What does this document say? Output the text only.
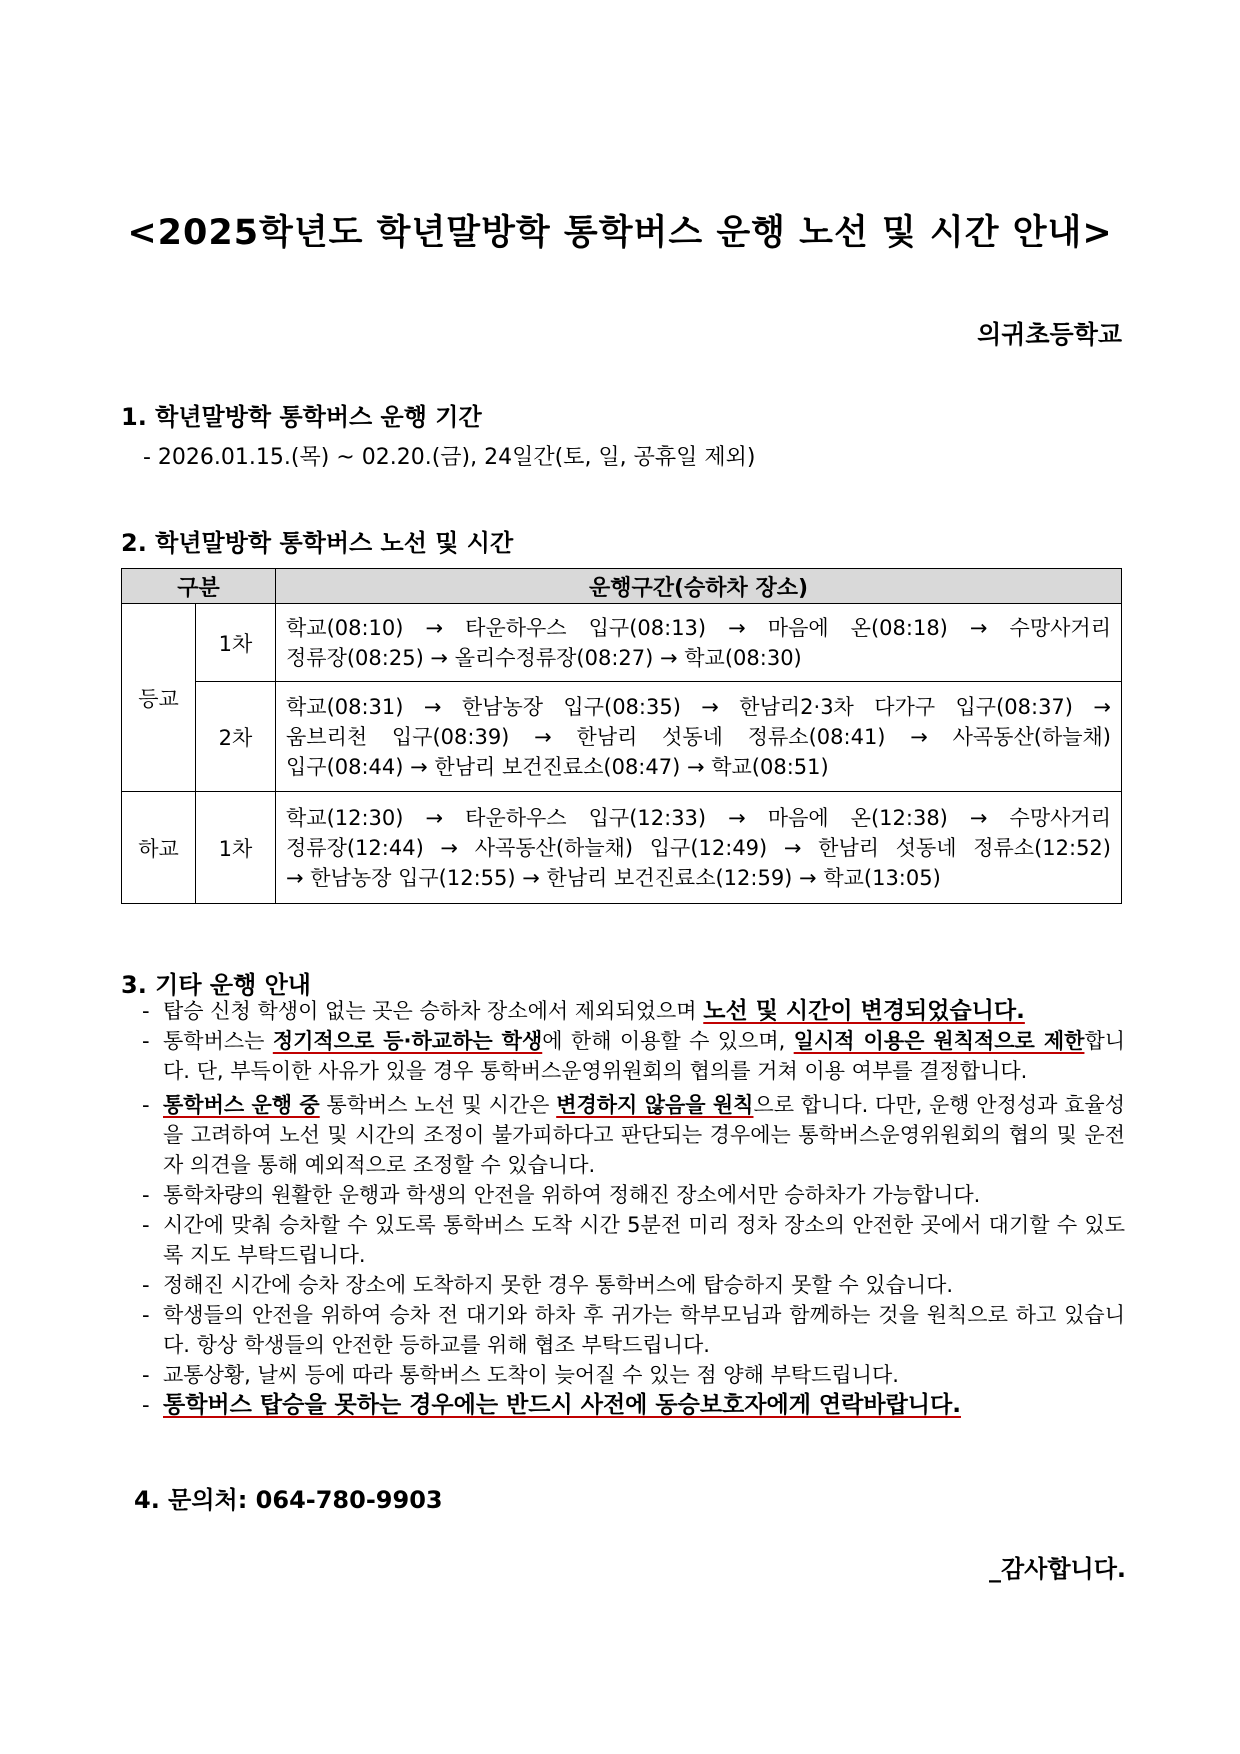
<2025학년도 학년말방학 통학버스 운행 노선 및 시간 안내>
의귀초등학교
1. 학년말방학 통학버스 운행 기간
- 2026.01.15.(목) ~ 02.20.(금), 24일간(토, 일, 공휴일 제외)
2. 학년말방학 통학버스 노선 및 시간
구분		운행구간(승하차 장소)
등교	1차	학교(08:10) → 타운하우스 입구(08:13) → 마음에 온(08:18) → 수망사거리
정류장(08:25) → 올리수정류장(08:27) → 학교(08:30)

	2차	학교(08:31) → 한남농장 입구(08:35) → 한남리2·3차 다가구 입구(08:37) →
움브리천 입구(08:39) → 한남리 섯동네 정류소(08:41) → 사곡동산(하늘채)
입구(08:44) → 한남리 보건진료소(08:47) → 학교(08:51)

하교	1차	학교(12:30) → 타운하우스 입구(12:33) → 마음에 온(12:38) → 수망사거리
정류장(12:44) → 사곡동산(하늘채) 입구(12:49) → 한남리 섯동네 정류소(12:52)
→ 한남농장 입구(12:55) → 한남리 보건진료소(12:59) → 학교(13:05)
3. 기타 운행 안내
- 탑승 신청 학생이 없는 곳은 승하차 장소에서 제외되었으며 노선 및 시간이 변경되었습니다.
- 통학버스는 정기적으로 등·하교하는 학생에 한해 이용할 수 있으며, 일시적 이용은 원칙적으로 제한합니다. 단, 부득이한 사유가 있을 경우 통학버스운영위원회의 협의를 거쳐 이용 여부를 결정합니다.
- 통학버스 운행 중 통학버스 노선 및 시간은 변경하지 않음을 원칙으로 합니다. 다만, 운행 안정성과 효율성을 고려하여 노선 및 시간의 조정이 불가피하다고 판단되는 경우에는 통학버스운영위원회의 협의 및 운전자 의견을 통해 예외적으로 조정할 수 있습니다.
- 통학차량의 원활한 운행과 학생의 안전을 위하여 정해진 장소에서만 승하차가 가능합니다.
- 시간에 맞춰 승차할 수 있도록 통학버스 도착 시간 5분전 미리 정차 장소의 안전한 곳에서 대기할 수 있도록 지도 부탁드립니다.
- 정해진 시간에 승차 장소에 도착하지 못한 경우 통학버스에 탑승하지 못할 수 있습니다.
- 학생들의 안전을 위하여 승차 전 대기와 하차 후 귀가는 학부모님과 함께하는 것을 원칙으로 하고 있습니다. 항상 학생들의 안전한 등하교를 위해 협조 부탁드립니다.
- 교통상황, 날씨 등에 따라 통학버스 도착이 늦어질 수 있는 점 양해 부탁드립니다.
- 통학버스 탑승을 못하는 경우에는 반드시 사전에 동승보호자에게 연락바랍니다.
4. 문의처: 064-780-9903
_감사합니다.
